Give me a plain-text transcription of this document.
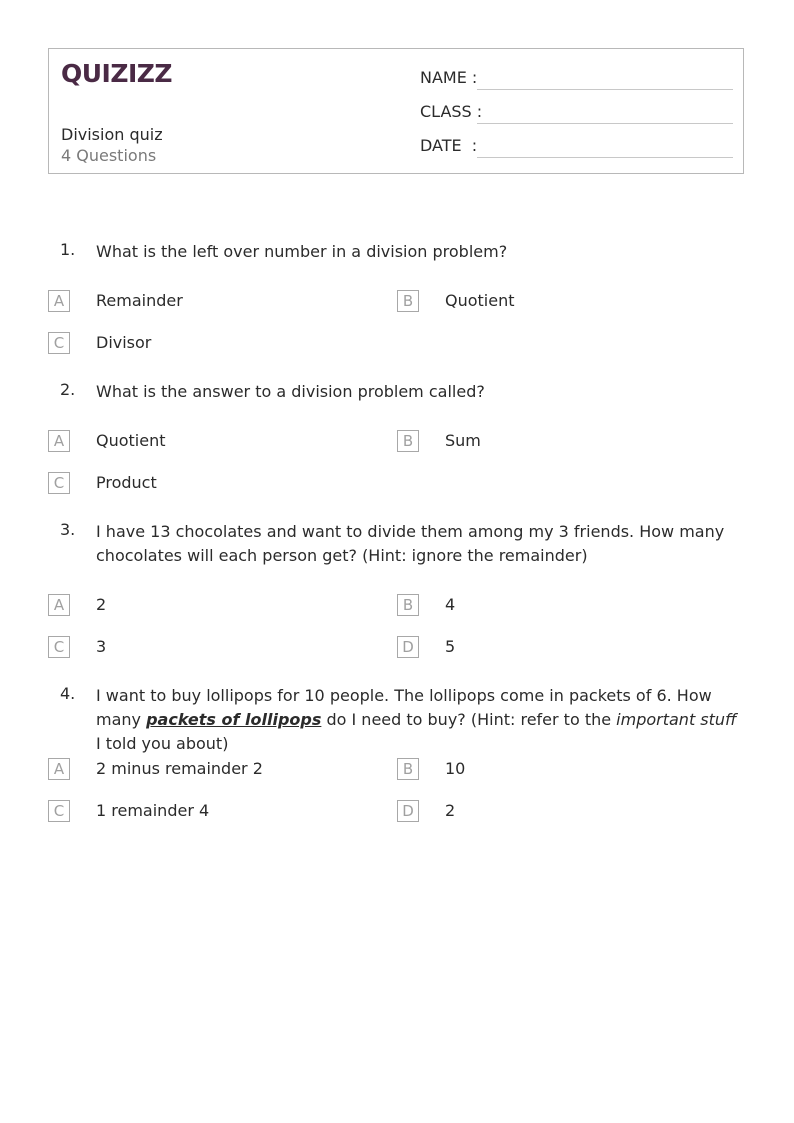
QUIZIZZ
Division quiz
4 Questions
NAME :
CLASS :
DATE  :
1. What is the left over number in a division problem?
A	Remainder	B	Quotient
C	Divisor
2. What is the answer to a division problem called?
A	Quotient	B	Sum
C	Product
3. I have 13 chocolates and want to divide them among my 3 friends. How many chocolates will each person get? (Hint: ignore the remainder)
A	2	B	4
C	3	D	5
4. I want to buy lollipops for 10 people. The lollipops come in packets of 6. How many packets of lollipops do I need to buy? (Hint: refer to the important stuff I told you about)
A	2 minus remainder 2	B	10
C	1 remainder 4	D	2
